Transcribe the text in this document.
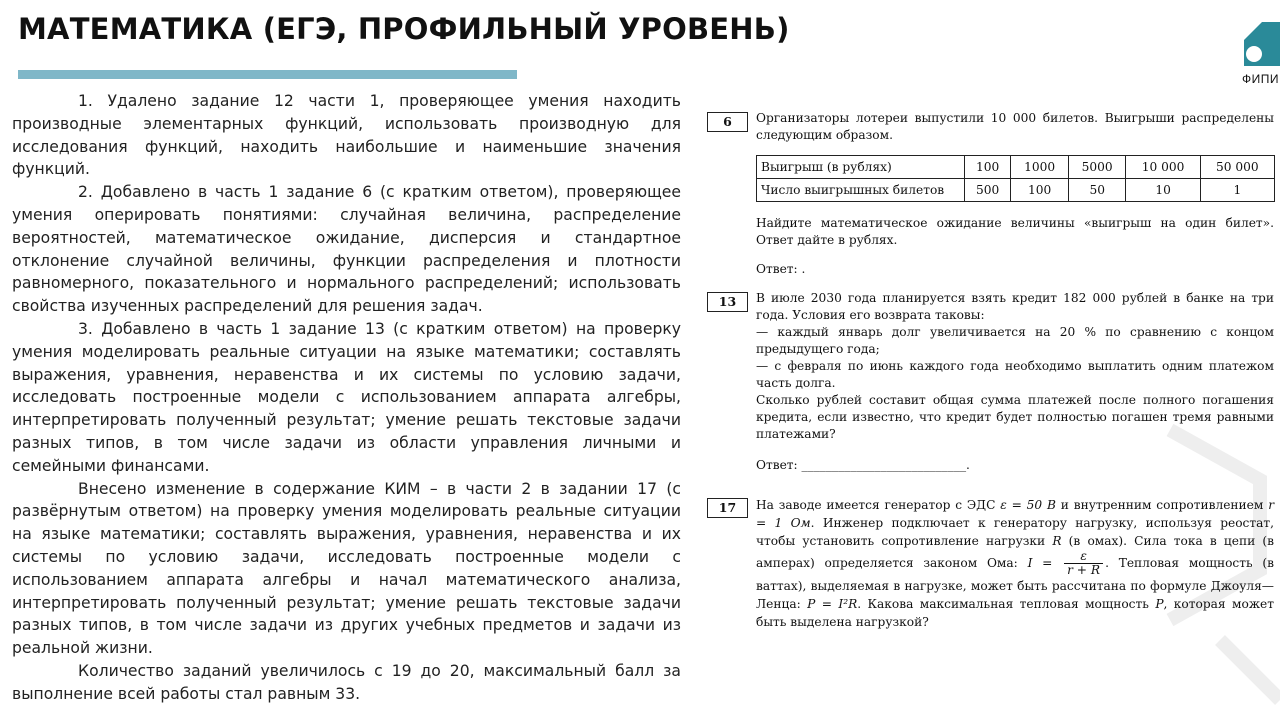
МАТЕМАТИКА (ЕГЭ, ПРОФИЛЬНЫЙ УРОВЕНЬ)
ФИПИ

1. Удалено задание 12 части 1, проверяющее умения находить производные элементарных функций, использовать производную для исследования функций, находить наибольшие и наименьшие значения функций.

2. Добавлено в часть 1 задание 6 (с кратким ответом), проверяющее умения оперировать понятиями: случайная величина, распределение вероятностей, математическое ожидание, дисперсия и стандартное отклонение случайной величины, функции распределения и плотности равномерного, показательного и нормального распределений; использовать свойства изученных распределений для решения задач.

3. Добавлено в часть 1 задание 13 (с кратким ответом) на проверку умения моделировать реальные ситуации на языке математики; составлять выражения, уравнения, неравенства и их системы по условию задачи, исследовать построенные модели с использованием аппарата алгебры, интерпретировать полученный результат; умение решать текстовые задачи разных типов, в том числе задачи из области управления личными и семейными финансами.

Внесено изменение в содержание КИМ – в части 2 в задании 17 (с развёрнутым ответом) на проверку умения моделировать реальные ситуации на языке математики; составлять выражения, уравнения, неравенства и их системы по условию задачи, исследовать построенные модели с использованием аппарата алгебры и начал математического анализа, интерпретировать полученный результат; умение решать текстовые задачи разных типов, в том числе задачи из других учебных предметов и задачи из реальной жизни.

Количество заданий увеличилось с 19 до 20, максимальный балл за выполнение всей работы стал равным 33.

6	Организаторы лотереи выпустили 10 000 билетов. Выигрыши распределены следующим образом.

Выигрыш (в рублях)	100	1000	5000	10 000	50 000
Число выигрышных билетов	500	100	50	10	1

Найдите математическое ожидание величины «выигрыш на один билет». Ответ дайте в рублях.

Ответ: .

13	В июле 2030 года планируется взять кредит 182 000 рублей в банке на три года. Условия его возврата таковы:

— каждый январь долг увеличивается на 20 % по сравнению с концом предыдущего года;

— с февраля по июнь каждого года необходимо выплатить одним платежом часть долга.

Сколько рублей составит общая сумма платежей после полного погашения кредита, если известно, что кредит будет полностью погашен тремя равными платежами?

Ответ: ___________________________.

17	На заводе имеется генератор с ЭДС ε = 50 В и внутренним сопротивлением r = 1 Ом. Инженер подключает к генератору нагрузку, используя реостат, чтобы установить сопротивление нагрузки R (в омах). Сила тока в цепи (в амперах) определяется законом Ома: $I = \frac{\varepsilon}{r + R}$ . Тепловая мощность (в ваттах), выделяемая в нагрузке, может быть рассчитана по формуле Джоуля—Ленца: P = I²R. Какова максимальная тепловая мощность P, которая может быть выделена нагрузкой?
